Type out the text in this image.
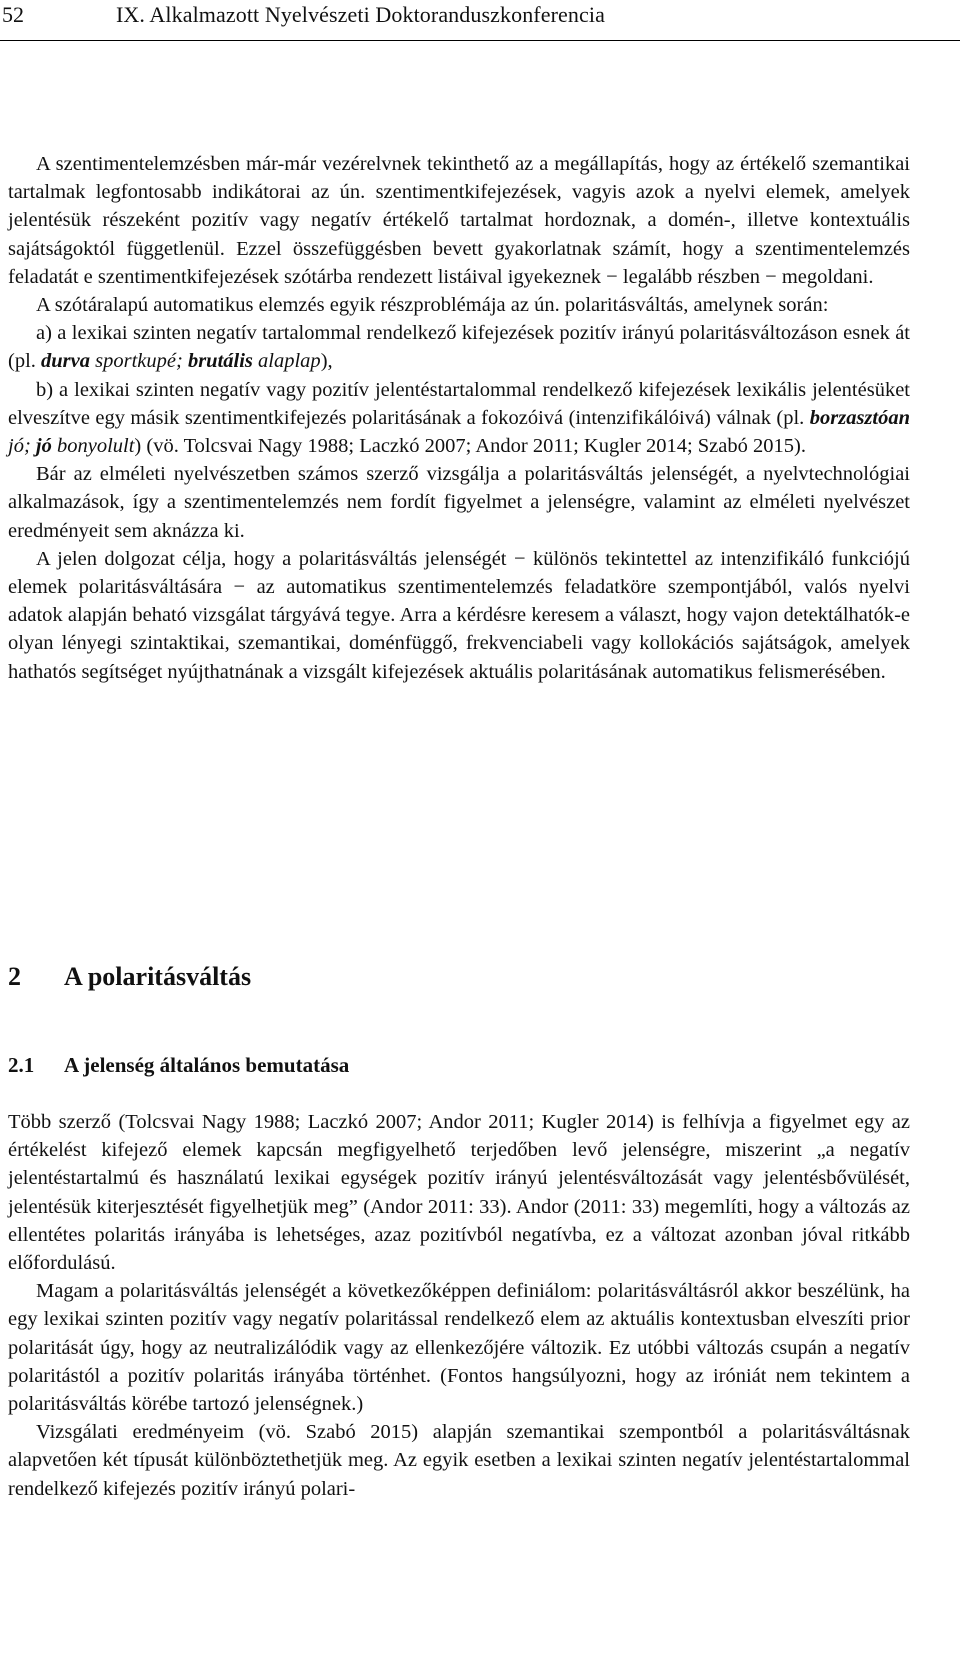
52	IX. Alkalmazott Nyelvészeti Doktoranduszkonferencia

A szentimentelemzésben már-már vezérelvnek tekinthető az a megállapítás, hogy az értékelő szemantikai tartalmak legfontosabb indikátorai az ún. szentimentkifejezések, vagyis azok a nyelvi elemek, amelyek jelentésük részeként pozitív vagy negatív értékelő tartalmat hordoznak, a domén-, illetve kontextuális sajátságoktól függetlenül. Ezzel összefüggésben bevett gyakorlatnak számít, hogy a szentimentelemzés feladatát e szentimentkifejezések szótárba rendezett listáival igyekeznek − legalább részben − megoldani.

A szótáralapú automatikus elemzés egyik részproblémája az ún. polaritásváltás, amelynek során:

a) a lexikai szinten negatív tartalommal rendelkező kifejezések pozitív irányú polaritásváltozáson esnek át (pl. durva sportkupé; brutális alaplap),

b) a lexikai szinten negatív vagy pozitív jelentéstartalommal rendelkező kifejezések lexikális jelentésüket elveszítve egy másik szentimentkifejezés polaritásának a fokozóivá (intenzifikálóivá) válnak (pl. borzasztóan jó; jó bonyolult) (vö. Tolcsvai Nagy 1988; Laczkó 2007; Andor 2011; Kugler 2014; Szabó 2015).

Bár az elméleti nyelvészetben számos szerző vizsgálja a polaritásváltás jelenségét, a nyelvtechnológiai alkalmazások, így a szentimentelemzés nem fordít figyelmet a jelenségre, valamint az elméleti nyelvészet eredményeit sem aknázza ki.

A jelen dolgozat célja, hogy a polaritásváltás jelenségét − különös tekintettel az intenzifikáló funkciójú elemek polaritásváltására − az automatikus szentimentelemzés feladatköre szempontjából, valós nyelvi adatok alapján beható vizsgálat tárgyává tegye. Arra a kérdésre keresem a választ, hogy vajon detektálhatók-e olyan lényegi szintaktikai, szemantikai, doménfüggő, frekvenciabeli vagy kollokációs sajátságok, amelyek hathatós segítséget nyújthatnának a vizsgált kifejezések aktuális polaritásának automatikus felismerésében.

2 A polaritásváltás
2.1 A jelenség általános bemutatása

Több szerző (Tolcsvai Nagy 1988; Laczkó 2007; Andor 2011; Kugler 2014) is felhívja a figyelmet egy az értékelést kifejező elemek kapcsán megfigyelhető terjedőben levő jelenségre, miszerint „a negatív jelentéstartalmú és használatú lexikai egységek pozitív irányú jelentésváltozását vagy jelentésbővülését, jelentésük kiterjesztését figyelhetjük meg” (Andor 2011: 33). Andor (2011: 33) megemlíti, hogy a változás az ellentétes polaritás irányába is lehetséges, azaz pozitívból negatívba, ez a változat azonban jóval ritkább előfordulású.

Magam a polaritásváltás jelenségét a következőképpen definiálom: polaritásváltásról akkor beszélünk, ha egy lexikai szinten pozitív vagy negatív polaritással rendelkező elem az aktuális kontextusban elveszíti prior polaritását úgy, hogy az neutralizálódik vagy az ellenkezőjére változik. Ez utóbbi változás csupán a negatív polaritástól a pozitív polaritás irányába történhet. (Fontos hangsúlyozni, hogy az iróniát nem tekintem a polaritásváltás körébe tartozó jelenségnek.)

Vizsgálati eredményeim (vö. Szabó 2015) alapján szemantikai szempontból a polaritásváltásnak alapvetően két típusát különböztethetjük meg. Az egyik esetben a lexikai szinten negatív jelentéstartalommal rendelkező kifejezés pozitív irányú polari-
